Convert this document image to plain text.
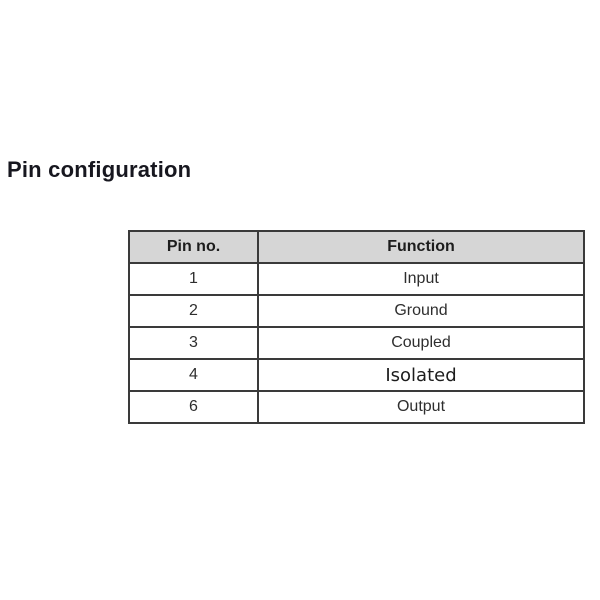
Pin configuration
Pin no.	Function
1	Input
2	Ground
3	Coupled
4	Isolated
6	Output
